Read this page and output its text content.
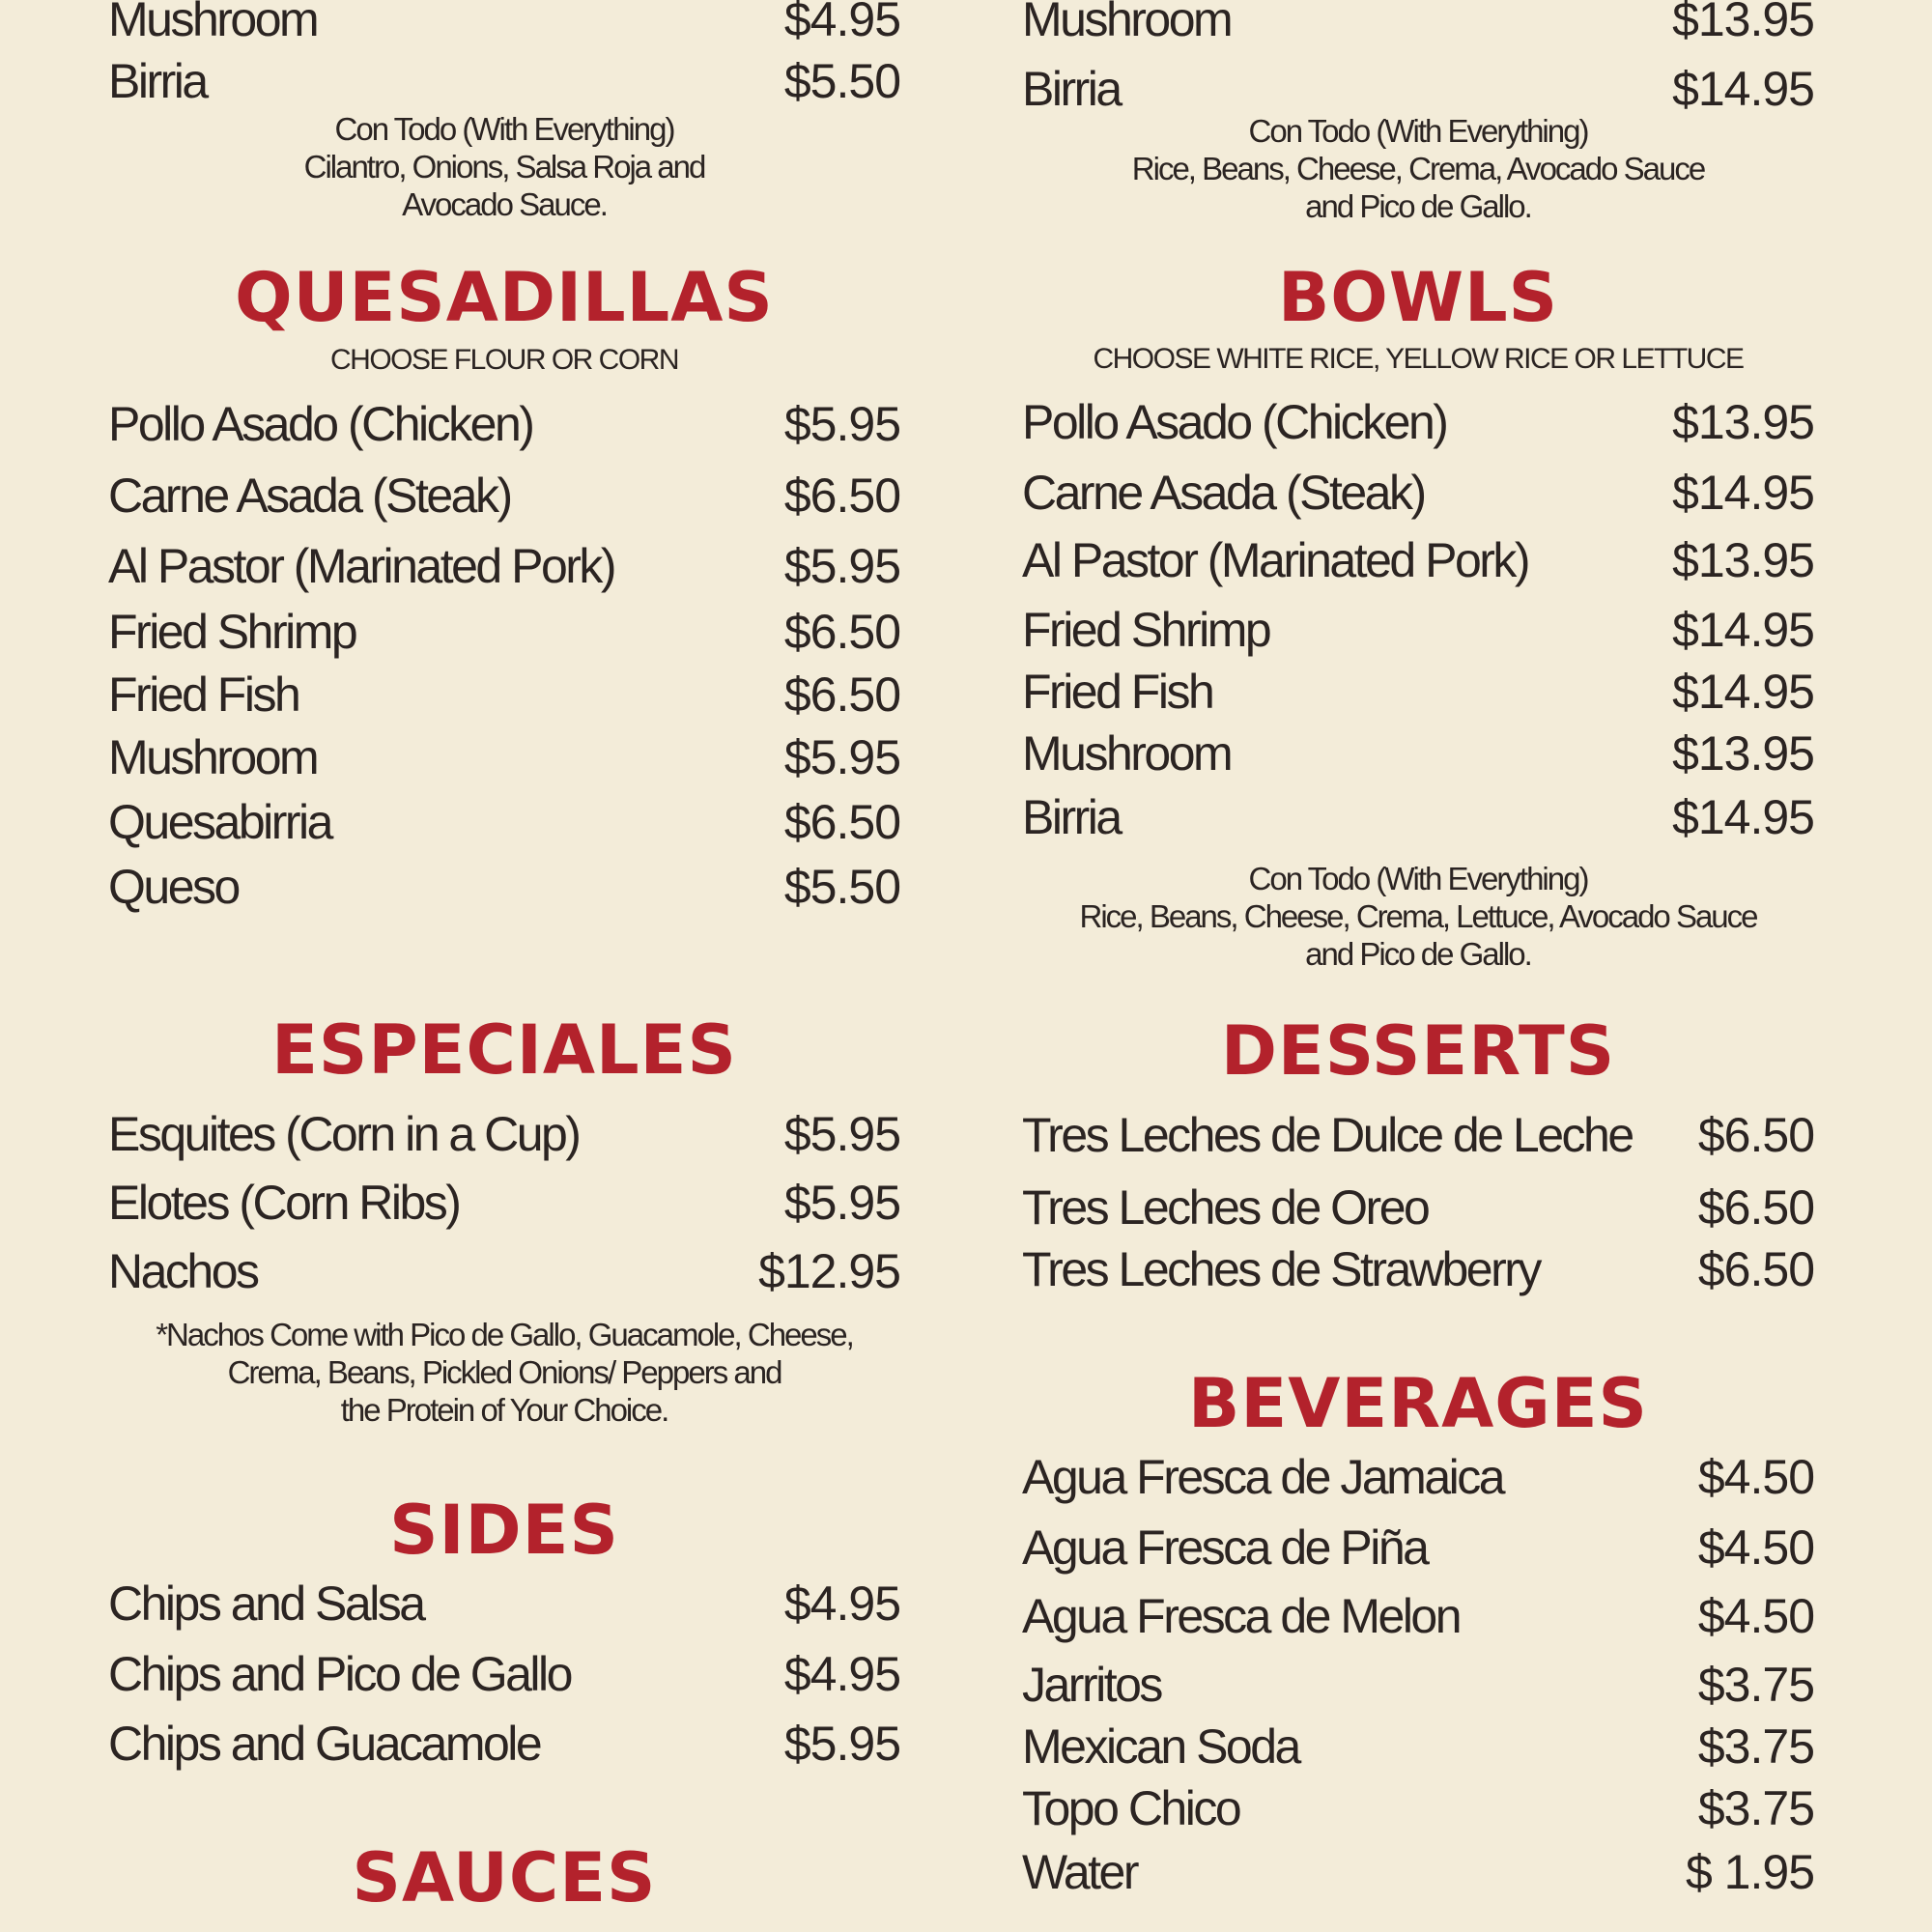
Mushroom	$4.95
Birria	$5.50
Con Todo (With Everything)
Cilantro, Onions, Salsa Roja and
Avocado Sauce.
QUESADILLAS
CHOOSE FLOUR OR CORN
Pollo Asado (Chicken)	$5.95
Carne Asada (Steak)	$6.50
Al Pastor (Marinated Pork)	$5.95
Fried Shrimp	$6.50
Fried Fish	$6.50
Mushroom	$5.95
Quesabirria	$6.50
Queso	$5.50
ESPECIALES
Esquites (Corn in a Cup)	$5.95
Elotes (Corn Ribs)	$5.95
Nachos	$12.95
*Nachos Come with Pico de Gallo, Guacamole, Cheese,
Crema, Beans, Pickled Onions/ Peppers and
the Protein of Your Choice.
SIDES
Chips and Salsa	$4.95
Chips and Pico de Gallo	$4.95
Chips and Guacamole	$5.95
SAUCES
Mushroom	$13.95
Birria	$14.95
Con Todo (With Everything)
Rice, Beans, Cheese, Crema, Avocado Sauce
and Pico de Gallo.
BOWLS
CHOOSE WHITE RICE, YELLOW RICE OR LETTUCE
Pollo Asado (Chicken)	$13.95
Carne Asada (Steak)	$14.95
Al Pastor (Marinated Pork)	$13.95
Fried Shrimp	$14.95
Fried Fish	$14.95
Mushroom	$13.95
Birria	$14.95
Con Todo (With Everything)
Rice, Beans, Cheese, Crema, Lettuce, Avocado Sauce
and Pico de Gallo.
DESSERTS
Tres Leches de Dulce de Leche $6.50
Tres Leches de Oreo	$6.50
Tres Leches de Strawberry	$6.50
BEVERAGES
Agua Fresca de Jamaica	$4.50
Agua Fresca de Piña	$4.50
Agua Fresca de Melon	$4.50
Jarritos	$3.75
Mexican Soda	$3.75
Topo Chico	$3.75
Water	$ 1.95
